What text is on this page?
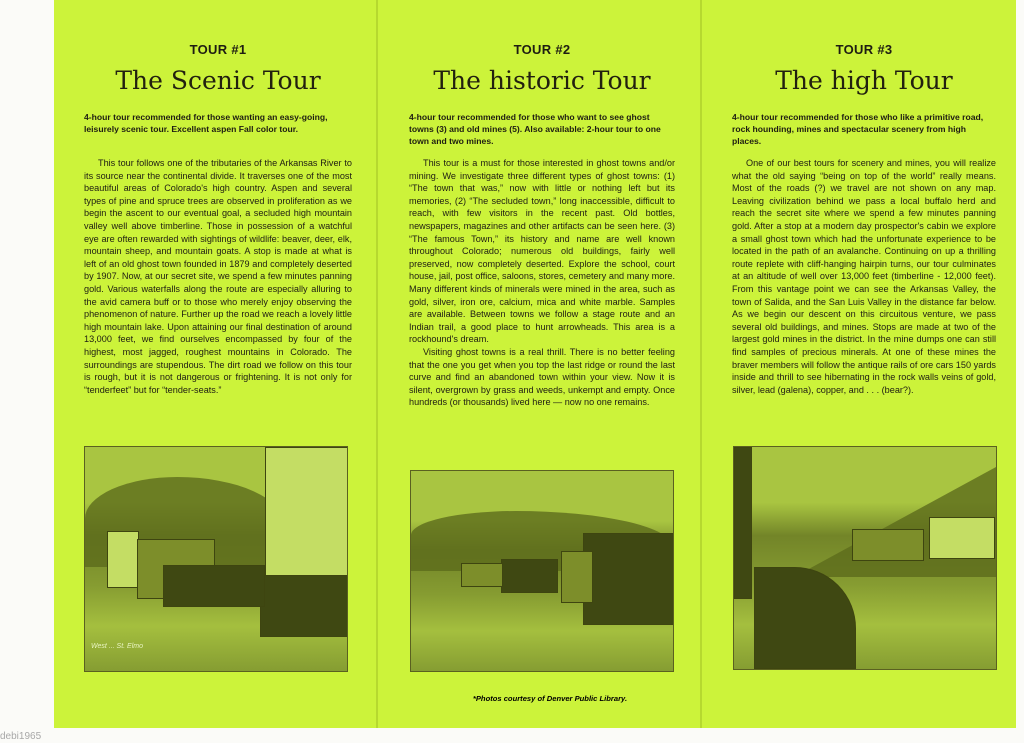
TOUR #1
The Scenic Tour
4-hour tour recommended for those wanting an easy-going, leisurely scenic tour. Excellent aspen Fall color tour.

This tour follows one of the tributaries of the Arkansas River to its source near the continental divide. It traverses one of the most beautiful areas of Colorado's high country. Aspen and several types of pine and spruce trees are observed in proliferation as we begin the ascent to our eventual goal, a secluded high mountain valley well above timberline. Those in possession of a watchful eye are often rewarded with sightings of wildlife: beaver, deer, elk, mountain sheep, and mountain goats. A stop is made at what is left of an old ghost town founded in 1879 and completely deserted by 1907. Now, at our secret site, we spend a few minutes panning gold. Various waterfalls along the route are especially alluring to the avid camera buff or to those who merely enjoy observing the phenomenon of nature. Further up the road we reach a lovely little high mountain lake. Upon attaining our final destination of around 13,000 feet, we find ourselves encompassed by four of the highest, most jagged, roughest mountains in Colorado. The surroundings are stupendous. The dirt road we follow on this tour is rough, but it is not dangerous or frightening. It is not only for “tenderfeet” but for “tender-seats.”

West ... St. Elmo
TOUR #2
The historic Tour
4-hour tour recommended for those who want to see ghost towns (3) and old mines (5). Also available: 2-hour tour to one town and two mines.

This tour is a must for those interested in ghost towns and/or mining. We investigate three different types of ghost towns: (1) “The town that was,” now with little or nothing left but its memories, (2) “The secluded town,” long inaccessible, difficult to reach, with few visitors in the recent past. Old bottles, newspapers, magazines and other artifacts can be seen here. (3) “The famous Town,” its history and name are well known throughout Colorado; numerous old buildings, fairly well preserved, now completely deserted. Explore the school, court house, jail, post office, saloons, stores, cemetery and many more. Many different kinds of minerals were mined in the area, such as gold, silver, iron ore, calcium, mica and white marble. Samples are available. Between towns we follow a stage route and an Indian trail, a good place to hunt arrowheads. This area is a rockhound's dream.

Visiting ghost towns is a real thrill. There is no better feeling that the one you get when you top the last ridge or round the last curve and find an abandoned town within your view. Now it is silent, overgrown by grass and weeds, unkempt and empty. Once hundreds (or thousands) lived here — now no one remains.

TOUR #3
The high Tour
4-hour tour recommended for those who like a primitive road, rock hounding, mines and spectacular scenery from high places.

One of our best tours for scenery and mines, you will realize what the old saying “being on top of the world” really means. Most of the roads (?) we travel are not shown on any map. Leaving civilization behind we pass a local buffalo herd and reach the secret site where we spend a few minutes panning gold. After a stop at a modern day prospector's cabin we explore a small ghost town which had the unfortunate experience to be located in the path of an avalanche. Continuing on up a thrilling route replete with cliff-hanging hairpin turns, our tour culminates at an altitude of well over 13,000 feet (timberline - 12,000 feet). From this vantage point we can see the Arkansas Valley, the town of Salida, and the San Luis Valley in the distance far below. As we begin our descent on this circuitous venture, we pass several old buildings, and mines. Stops are made at two of the largest gold mines in the district. In the mine dumps one can still find samples of precious minerals. At one of these mines the braver members will follow the antique rails of ore cars 150 yards inside and thrill to see hibernating in the rock walls veins of gold, silver, lead (galena), copper, and . . . (bear?).

*Photos courtesy of Denver Public Library.
debi1965
